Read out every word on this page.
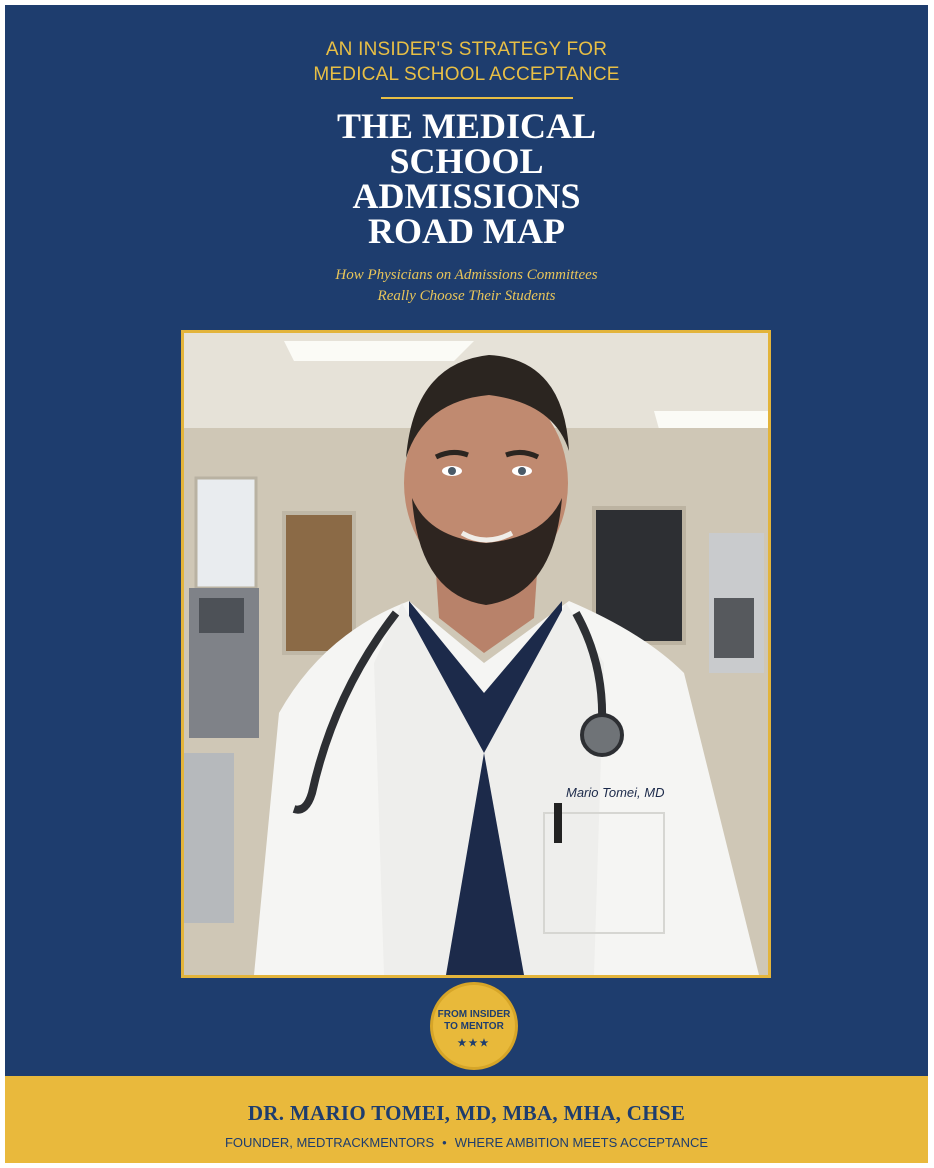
AN INSIDER'S STRATEGY FOR
MEDICAL SCHOOL ACCEPTANCE
THE MEDICAL
SCHOOL
ADMISSIONS
ROAD MAP
How Physicians on Admissions Committees
Really Choose Their Students
Mario Tomei, MD
FROM INSIDER
TO MENTOR
★★★
DR. MARIO TOMEI, MD, MBA, MHA, CHSE
FOUNDER, MEDTRACKMENTORS • WHERE AMBITION MEETS ACCEPTANCE
